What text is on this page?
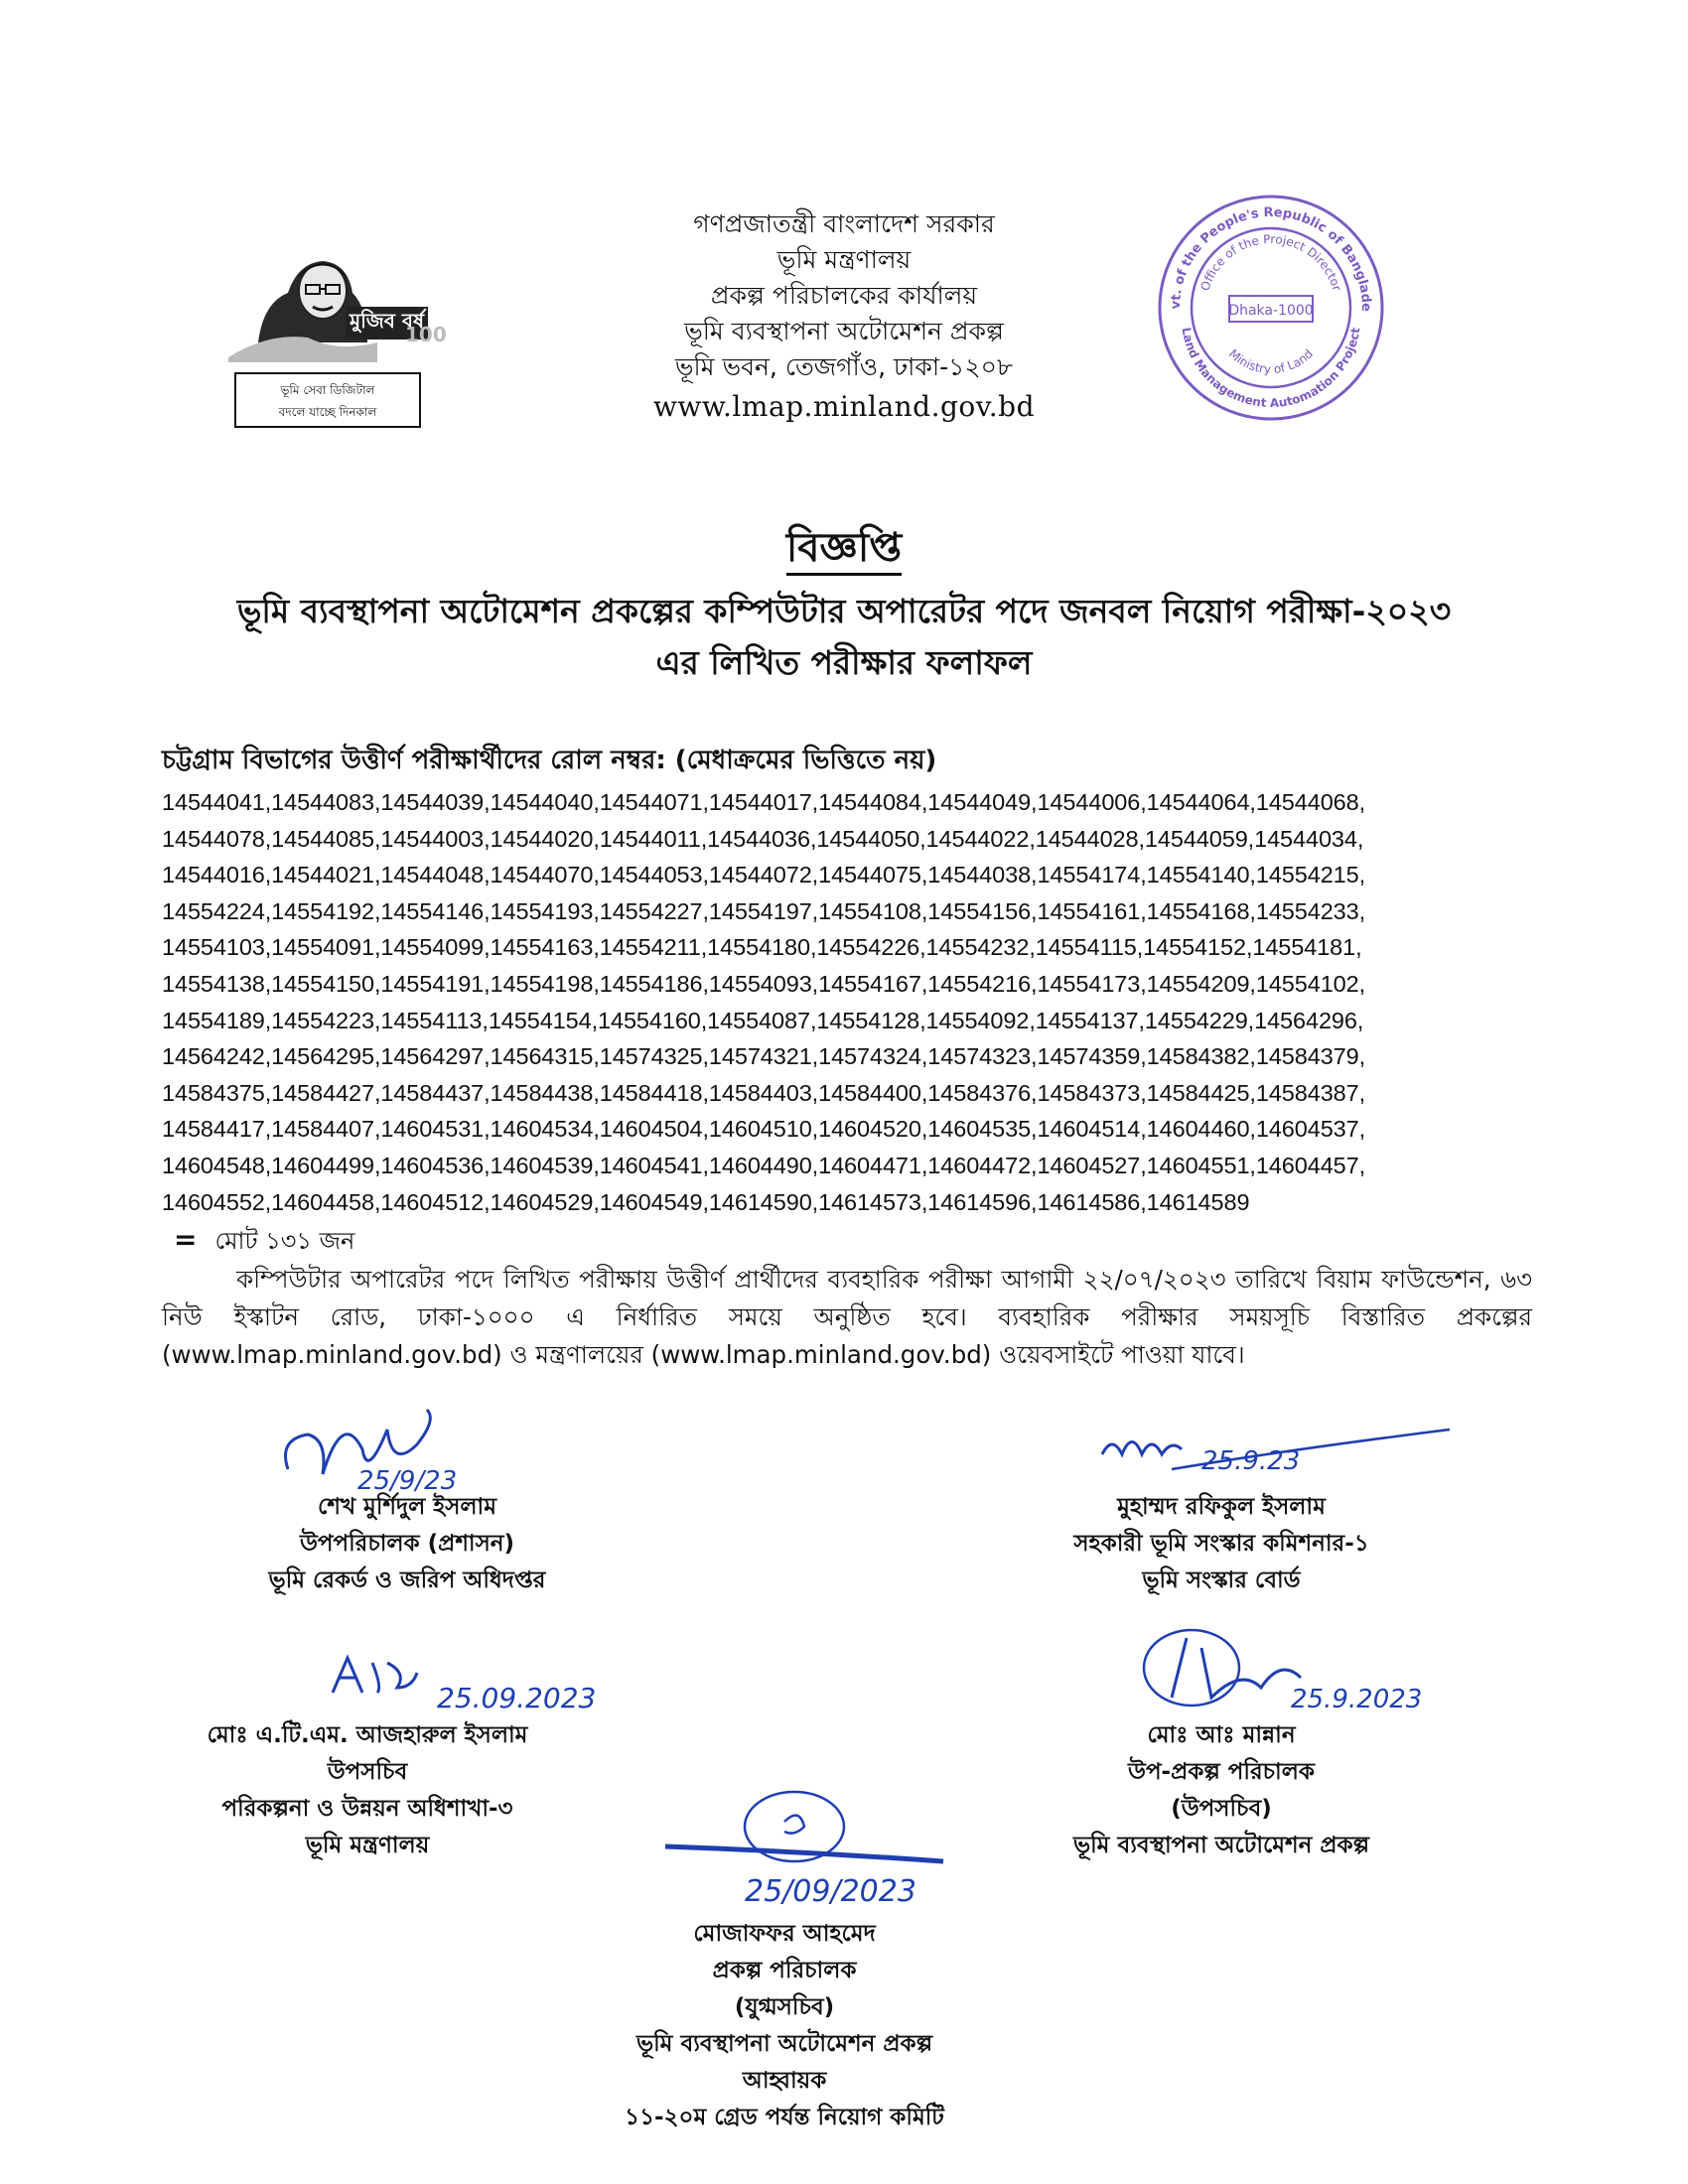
মুজিব বর্ষ
100
ভূমি সেবা ডিজিটাল
বদলে যাচ্ছে দিনকাল
গণপ্রজাতন্ত্রী বাংলাদেশ সরকার
ভূমি মন্ত্রণালয়
প্রকল্প পরিচালকের কার্যালয়
ভূমি ব্যবস্থাপনা অটোমেশন প্রকল্প
ভূমি ভবন, তেজগাঁও, ঢাকা-১২০৮
www.lmap.minland.gov.bd
vt. of the People's Republic of Banglade
Land Management Automation Project
Office of the Project Director
Ministry of Land
Dhaka-1000
বিজ্ঞপ্তি
ভূমি ব্যবস্থাপনা অটোমেশন প্রকল্পের কম্পিউটার অপারেটর পদে জনবল নিয়োগ পরীক্ষা-২০২৩
এর লিখিত পরীক্ষার ফলাফল
চট্টগ্রাম বিভাগের উত্তীর্ণ পরীক্ষার্থীদের রোল নম্বর: (মেধাক্রমের ভিত্তিতে নয়)
14544041,14544083,14544039,14544040,14544071,14544017,14544084,14544049,14544006,14544064,14544068,
14544078,14544085,14544003,14544020,14544011,14544036,14544050,14544022,14544028,14544059,14544034,
14544016,14544021,14544048,14544070,14544053,14544072,14544075,14544038,14554174,14554140,14554215,
14554224,14554192,14554146,14554193,14554227,14554197,14554108,14554156,14554161,14554168,14554233,
14554103,14554091,14554099,14554163,14554211,14554180,14554226,14554232,14554115,14554152,14554181,
14554138,14554150,14554191,14554198,14554186,14554093,14554167,14554216,14554173,14554209,14554102,
14554189,14554223,14554113,14554154,14554160,14554087,14554128,14554092,14554137,14554229,14564296,
14564242,14564295,14564297,14564315,14574325,14574321,14574324,14574323,14574359,14584382,14584379,
14584375,14584427,14584437,14584438,14584418,14584403,14584400,14584376,14584373,14584425,14584387,
14584417,14584407,14604531,14604534,14604504,14604510,14604520,14604535,14604514,14604460,14604537,
14604548,14604499,14604536,14604539,14604541,14604490,14604471,14604472,14604527,14604551,14604457,
14604552,14604458,14604512,14604529,14604549,14614590,14614573,14614596,14614586,14614589
= মোট ১৩১ জন
কম্পিউটার অপারেটর পদে লিখিত পরীক্ষায় উত্তীর্ণ প্রার্থীদের ব্যবহারিক পরীক্ষা আগামী ২২/০৭/২০২৩ তারিখে বিয়াম ফাউন্ডেশন, ৬৩ নিউ ইস্কাটন রোড, ঢাকা-১০০০ এ নির্ধারিত সময়ে অনুষ্ঠিত হবে। ব্যবহারিক পরীক্ষার সময়সূচি বিস্তারিত প্রকল্পের (www.lmap.minland.gov.bd) ও মন্ত্রণালয়ের (www.lmap.minland.gov.bd) ওয়েবসাইটে পাওয়া যাবে।
25/9/23
শেখ মুর্শিদুল ইসলাম
উপপরিচালক (প্রশাসন)
ভূমি রেকর্ড ও জরিপ অধিদপ্তর
25.9.23
মুহাম্মদ রফিকুল ইসলাম
সহকারী ভূমি সংস্কার কমিশনার-১
ভূমি সংস্কার বোর্ড
25.09.2023
মোঃ এ.টি.এম. আজহারুল ইসলাম
উপসচিব
পরিকল্পনা ও উন্নয়ন অধিশাখা-৩
ভূমি মন্ত্রণালয়
25.9.2023
মোঃ আঃ মান্নান
উপ-প্রকল্প পরিচালক
(উপসচিব)
ভূমি ব্যবস্থাপনা অটোমেশন প্রকল্প
25/09/2023
মোজাফফর আহমেদ
প্রকল্প পরিচালক
(যুগ্মসচিব)
ভূমি ব্যবস্থাপনা অটোমেশন প্রকল্প
আহ্বায়ক
১১-২০ম গ্রেড পর্যন্ত নিয়োগ কমিটি
